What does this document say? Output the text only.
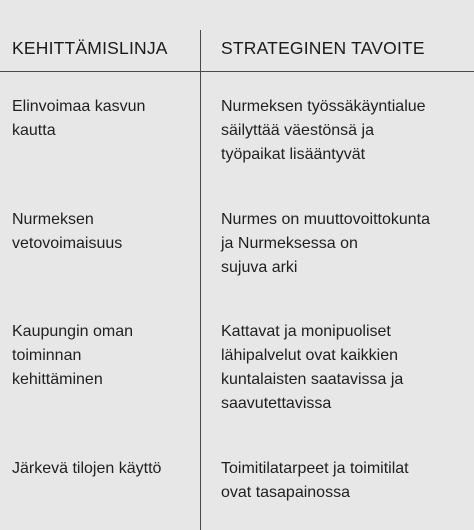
KEHITTÄMISLINJA	STRATEGINEN TAVOITE
Elinvoimaa kasvun
kautta
Nurmeksen työssäkäyntialue
säilyttää väestönsä ja
työpaikat lisääntyvät
Nurmeksen
vetovoimaisuus
Nurmes on muuttovoittokunta
ja Nurmeksessa on
sujuva arki
Kaupungin oman
toiminnan
kehittäminen
Kattavat ja monipuoliset
lähipalvelut ovat kaikkien
kuntalaisten saatavissa ja
saavutettavissa
Järkevä tilojen käyttö	Toimitilatarpeet ja toimitilat
ovat tasapainossa
